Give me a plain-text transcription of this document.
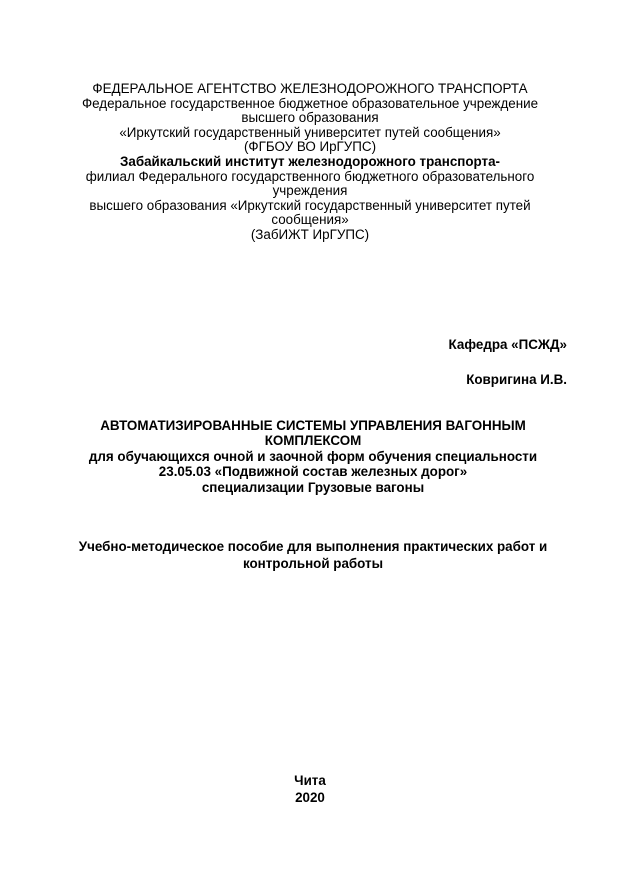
ФЕДЕРАЛЬНОЕ АГЕНТСТВО ЖЕЛЕЗНОДОРОЖНОГО ТРАНСПОРТА
Федеральное государственное бюджетное образовательное учреждение
высшего образования
«Иркутский государственный университет путей сообщения»
(ФГБОУ ВО ИрГУПС)
Забайкальский институт железнодорожного транспорта-
филиал Федерального государственного бюджетного образовательного
учреждения
высшего образования «Иркутский государственный университет путей
сообщения»
(ЗабИЖТ ИрГУПС)
Кафедра «ПСЖД»
Ковригина И.В.
АВТОМАТИЗИРОВАННЫЕ СИСТЕМЫ УПРАВЛЕНИЯ ВАГОННЫМ
КОМПЛЕКСОМ
для обучающихся очной и заочной форм обучения специальности
23.05.03 «Подвижной состав железных дорог»
специализации Грузовые вагоны
Учебно-методическое пособие для выполнения практических работ и
контрольной работы
Чита
2020
